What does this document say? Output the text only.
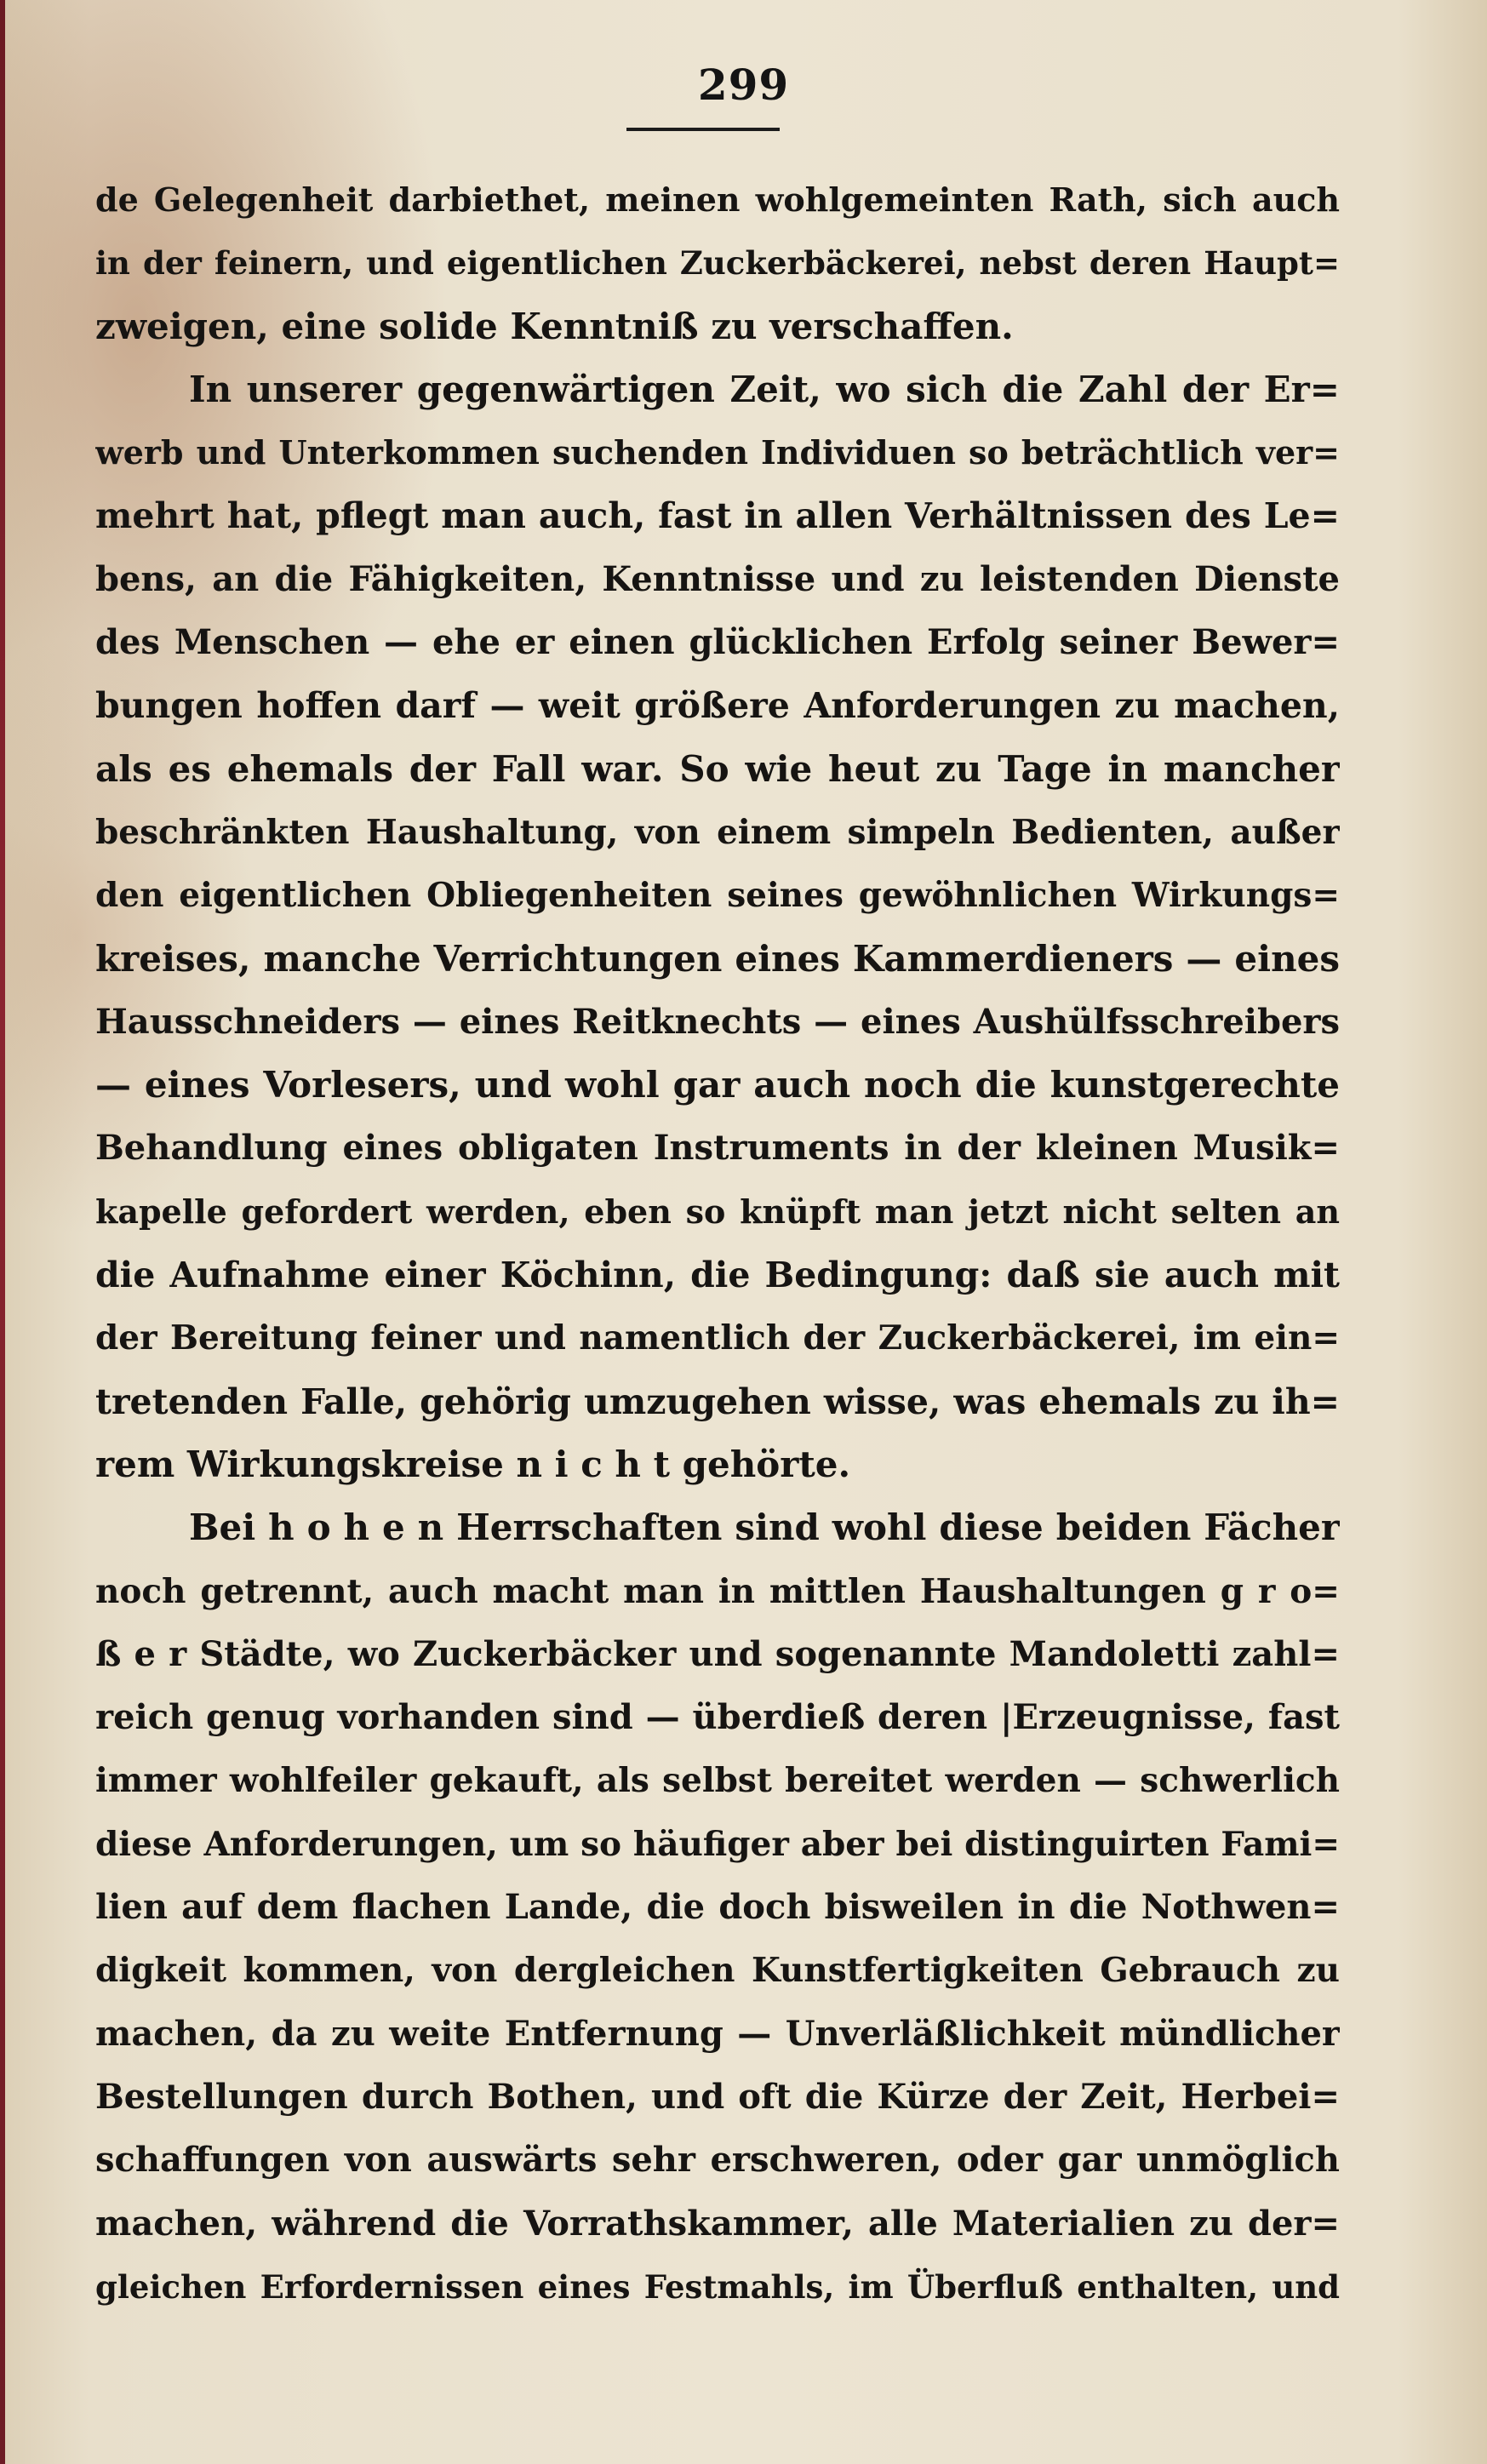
299
de Gelegenheit darbiethet, meinen wohlgemeinten Rath, sich auch
in der feinern, und eigentlichen Zuckerbäckerei, nebst deren Haupt=
zweigen, eine solide Kenntniß zu verschaffen.
In unserer gegenwärtigen Zeit, wo sich die Zahl der Er=
werb und Unterkommen suchenden Individuen so beträchtlich ver=
mehrt hat, pflegt man auch, fast in allen Verhältnissen des Le=
bens, an die Fähigkeiten, Kenntnisse und zu leistenden Dienste
des Menschen — ehe er einen glücklichen Erfolg seiner Bewer=
bungen hoffen darf — weit größere Anforderungen zu machen,
als es ehemals der Fall war. So wie heut zu Tage in mancher
beschränkten Haushaltung, von einem simpeln Bedienten, außer
den eigentlichen Obliegenheiten seines gewöhnlichen Wirkungs=
kreises, manche Verrichtungen eines Kammerdieners — eines
Hausschneiders — eines Reitknechts — eines Aushülfsschreibers
— eines Vorlesers, und wohl gar auch noch die kunstgerechte
Behandlung eines obligaten Instruments in der kleinen Musik=
kapelle gefordert werden, eben so knüpft man jetzt nicht selten an
die Aufnahme einer Köchinn, die Bedingung: daß sie auch mit
der Bereitung feiner und namentlich der Zuckerbäckerei, im ein=
tretenden Falle, gehörig umzugehen wisse, was ehemals zu ih=
rem Wirkungskreise n i c h t gehörte.
Bei h o h e n Herrschaften sind wohl diese beiden Fächer
noch getrennt, auch macht man in mittlen Haushaltungen g r o=
ß e r Städte, wo Zuckerbäcker und sogenannte Mandoletti zahl=
reich genug vorhanden sind — überdieß deren |Erzeugnisse, fast
immer wohlfeiler gekauft, als selbst bereitet werden — schwerlich
diese Anforderungen, um so häufiger aber bei distinguirten Fami=
lien auf dem flachen Lande, die doch bisweilen in die Nothwen=
digkeit kommen, von dergleichen Kunstfertigkeiten Gebrauch zu
machen, da zu weite Entfernung — Unverläßlichkeit mündlicher
Bestellungen durch Bothen, und oft die Kürze der Zeit, Herbei=
schaffungen von auswärts sehr erschweren, oder gar unmöglich
machen, während die Vorrathskammer, alle Materialien zu der=
gleichen Erfordernissen eines Festmahls, im Überfluß enthalten, und
